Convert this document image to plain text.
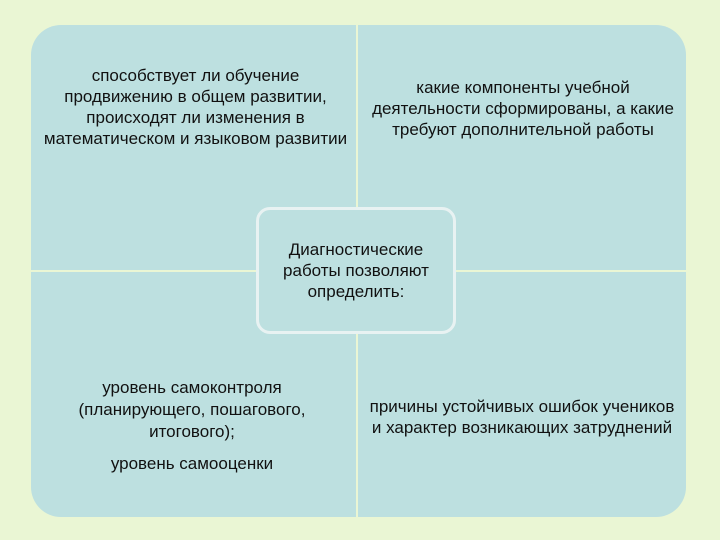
способствует ли обучение продвижению в общем развитии, происходят ли изменения в математическом и языковом развитии

какие компоненты учебной деятельности сформированы, а какие требуют дополнительной работы

уровень самоконтроля (планирующего, пошагового, итогового);
уровень самооценки

причины устойчивых ошибок учеников и характер возникающих затруднений

Диагностические работы позволяют определить:
